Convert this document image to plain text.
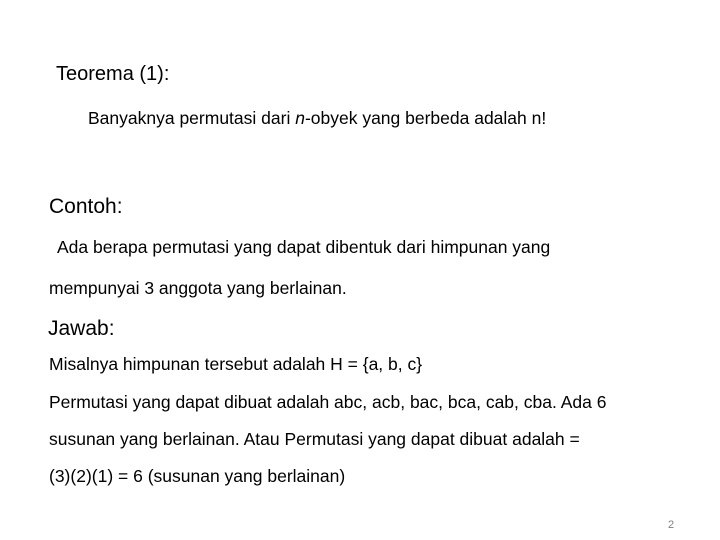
Teorema (1):
Banyaknya permutasi dari n-obyek yang berbeda adalah n!
Contoh:
Ada berapa permutasi yang dapat dibentuk dari himpunan yang
mempunyai 3 anggota yang berlainan.
Jawab:
Misalnya himpunan tersebut adalah H = {a, b, c}
Permutasi yang dapat dibuat adalah abc, acb, bac, bca, cab, cba. Ada 6
susunan yang berlainan. Atau Permutasi yang dapat dibuat adalah =
(3)(2)(1) = 6 (susunan yang berlainan)
2
